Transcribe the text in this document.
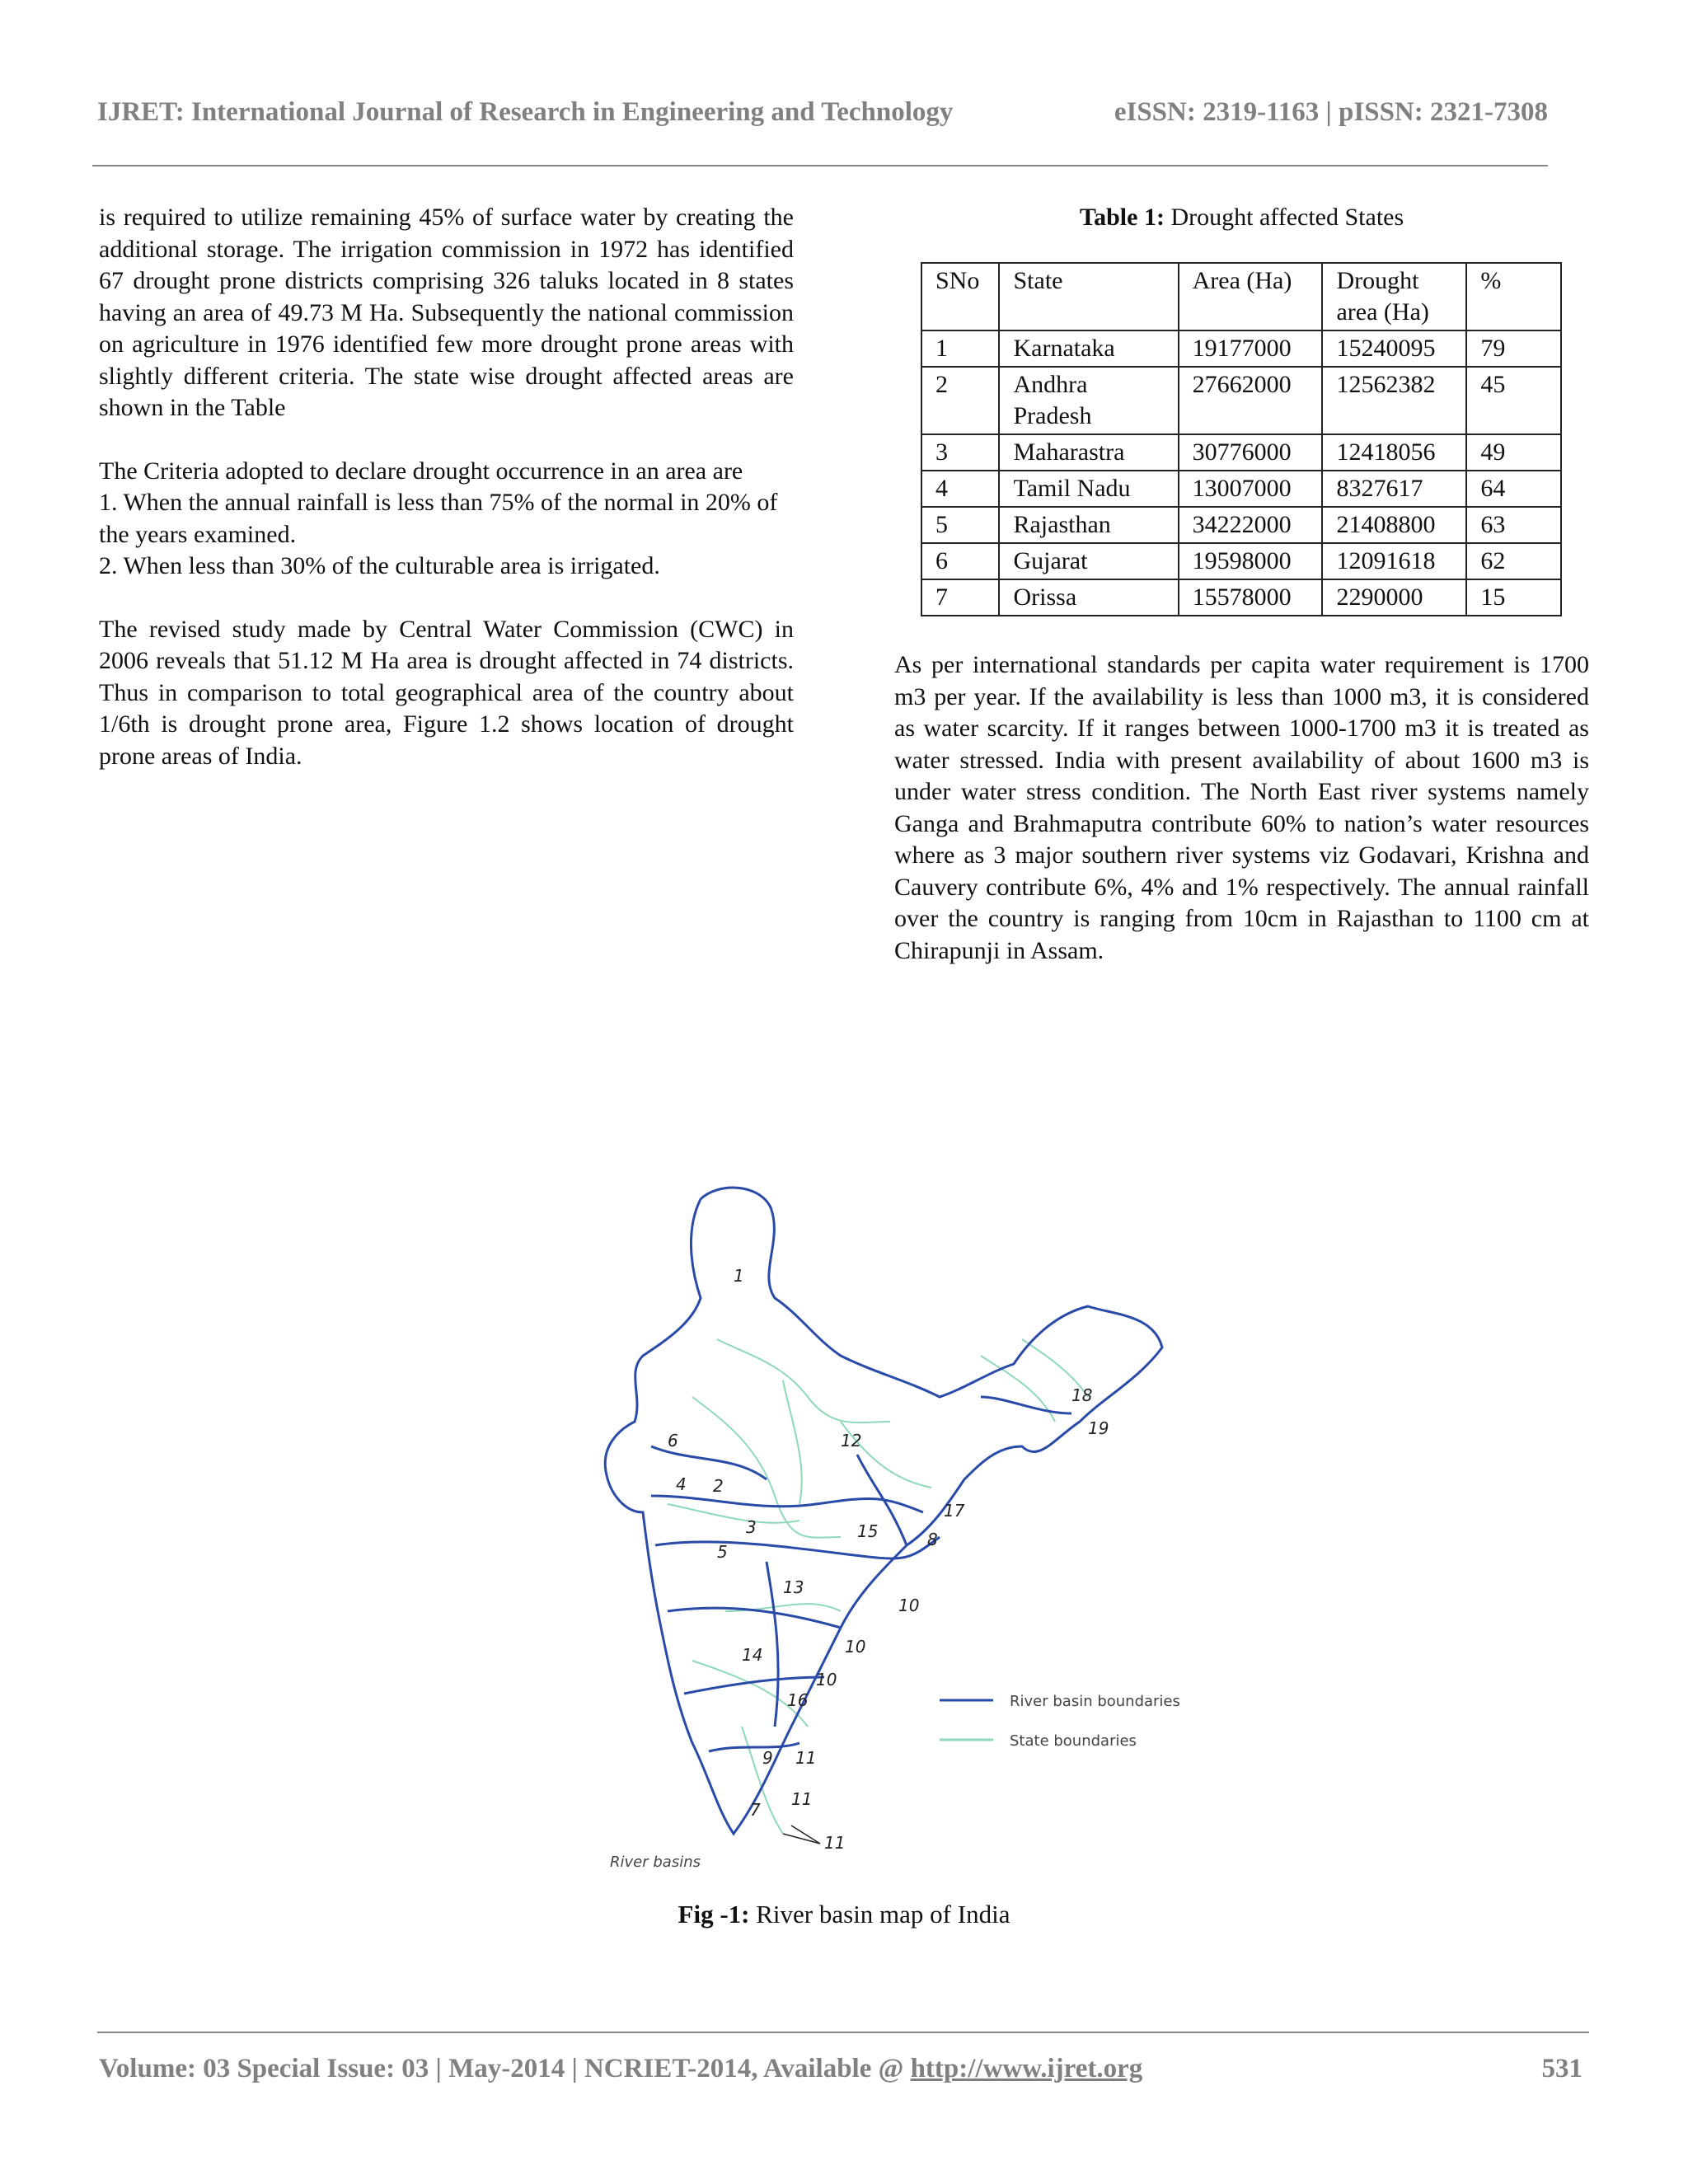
IJRET: International Journal of Research in Engineering and Technology	eISSN: 2319-1163 | pISSN: 2321-7308

is required to utilize remaining 45% of surface water by creating the additional storage. The irrigation commission in 1972 has identified 67 drought prone districts comprising 326 taluks located in 8 states having an area of 49.73 M Ha. Subsequently the national commission on agriculture in 1976 identified few more drought prone areas with slightly different criteria. The state wise drought affected areas are shown in the Table

The Criteria adopted to declare drought occurrence in an area are

1. When the annual rainfall is less than 75% of the normal in 20% of the years examined.

2. When less than 30% of the culturable area is irrigated.

The revised study made by Central Water Commission (CWC) in 2006 reveals that 51.12 M Ha area is drought affected in 74 districts. Thus in comparison to total geographical area of the country about 1/6th is drought prone area, Figure 1.2 shows location of drought prone areas of India.

Table 1: Drought affected States

SNo	State	Area (Ha)	Drought area (Ha)	%
1	Karnataka	19177000	15240095	79
2	Andhra Pradesh	27662000	12562382	45
3	Maharastra	30776000	12418056	49
4	Tamil Nadu	13007000	8327617	64
5	Rajasthan	34222000	21408800	63
6	Gujarat	19598000	12091618	62
7	Orissa	15578000	2290000	15

As per international standards per capita water requirement is 1700 m3 per year. If the availability is less than 1000 m3, it is considered as water scarcity. If it ranges between 1000-1700 m3 it is treated as water stressed. India with present availability of about 1600 m3 is under water stress condition. The North East river systems namely Ganga and Brahmaputra contribute 60% to nation’s water resources where as 3 major southern river systems viz Godavari, Krishna and Cauvery contribute 6%, 4% and 1% respectively. The annual rainfall over the country is ranging from 10cm in Rajasthan to 1100 cm at Chirapunji in Assam.

1
6
4 2
3
5
12
13
14
15	8
17
18
19
10
10
10
16
9 11
7
11
11
River basin boundaries
State boundaries
River basins
Fig -1: River basin map of India
Volume: 03 Special Issue: 03 | May-2014 | NCRIET-2014, Available @ http://www.ijret.org	531
